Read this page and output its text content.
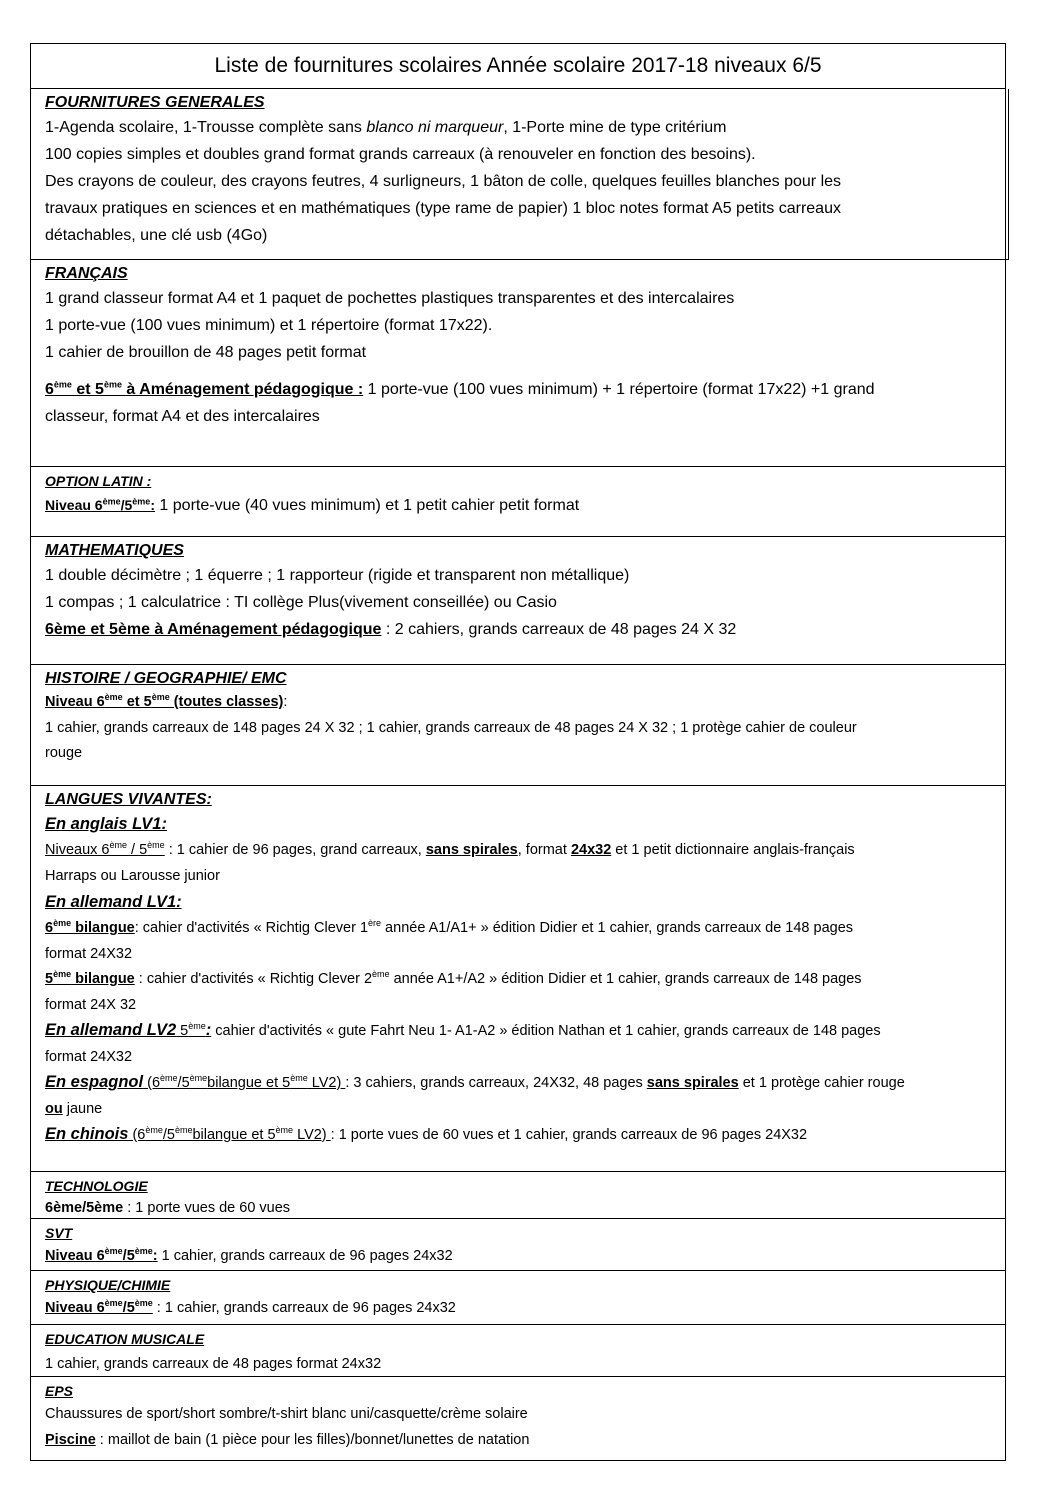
Liste de fournitures scolaires Année scolaire 2017-18 niveaux 6/5
FOURNITURES GENERALES
1-Agenda scolaire, 1-Trousse complète sans blanco ni marqueur, 1-Porte mine de type critérium
100 copies simples et doubles grand format grands carreaux (à renouveler en fonction des besoins).
Des crayons de couleur, des crayons feutres, 4 surligneurs, 1 bâton de colle, quelques feuilles blanches pour les
travaux pratiques en sciences et en mathématiques (type rame de papier) 1 bloc notes format A5 petits carreaux
détachables, une clé usb (4Go)
FRANÇAIS
1 grand classeur format A4 et 1 paquet de pochettes plastiques transparentes et des intercalaires
1 porte-vue (100 vues minimum) et 1 répertoire (format 17x22).
1 cahier de brouillon de 48 pages petit format
6ème et 5ème à Aménagement pédagogique : 1 porte-vue (100 vues minimum) + 1 répertoire (format 17x22) +1 grand
classeur, format A4 et des intercalaires
OPTION LATIN :
Niveau 6ème/5ème: 1 porte-vue (40 vues minimum) et 1 petit cahier petit format
MATHEMATIQUES
1 double décimètre ; 1 équerre ; 1 rapporteur (rigide et transparent non métallique)
1 compas ; 1 calculatrice : TI collège Plus(vivement conseillée) ou Casio
6ème et 5ème à Aménagement pédagogique : 2 cahiers, grands carreaux de 48 pages 24 X 32
HISTOIRE / GEOGRAPHIE/ EMC
Niveau 6ème et 5ème (toutes classes):
1 cahier, grands carreaux de 148 pages 24 X 32 ; 1 cahier, grands carreaux de 48 pages 24 X 32 ; 1 protège cahier de couleur
rouge
LANGUES VIVANTES:
En anglais LV1:
Niveaux 6ème / 5ème : 1 cahier de 96 pages, grand carreaux, sans spirales, format 24x32 et 1 petit dictionnaire anglais-français
Harraps ou Larousse junior
En allemand LV1:
6ème bilangue: cahier d'activités « Richtig Clever 1ère année A1/A1+ » édition Didier et 1 cahier, grands carreaux de 148 pages
format 24X32
5ème bilangue : cahier d'activités « Richtig Clever 2ème année A1+/A2 » édition Didier et 1 cahier, grands carreaux de 148 pages
format 24X 32
En allemand LV2 5ème: cahier d'activités « gute Fahrt Neu 1- A1-A2 » édition Nathan et 1 cahier, grands carreaux de 148 pages
format 24X32
En espagnol (6ème/5èmebilangue et 5ème LV2) : 3 cahiers, grands carreaux, 24X32, 48 pages sans spirales et 1 protège cahier rouge
ou jaune
En chinois (6ème/5èmebilangue et 5ème LV2) : 1 porte vues de 60 vues et 1 cahier, grands carreaux de 96 pages 24X32
TECHNOLOGIE
6ème/5ème : 1 porte vues de 60 vues
SVT
Niveau 6ème/5ème: 1 cahier, grands carreaux de 96 pages 24x32
PHYSIQUE/CHIMIE
Niveau 6ème/5ème : 1 cahier, grands carreaux de 96 pages 24x32
EDUCATION MUSICALE
1 cahier, grands carreaux de 48 pages format 24x32
EPS
Chaussures de sport/short sombre/t-shirt blanc uni/casquette/crème solaire
Piscine : maillot de bain (1 pièce pour les filles)/bonnet/lunettes de natation
